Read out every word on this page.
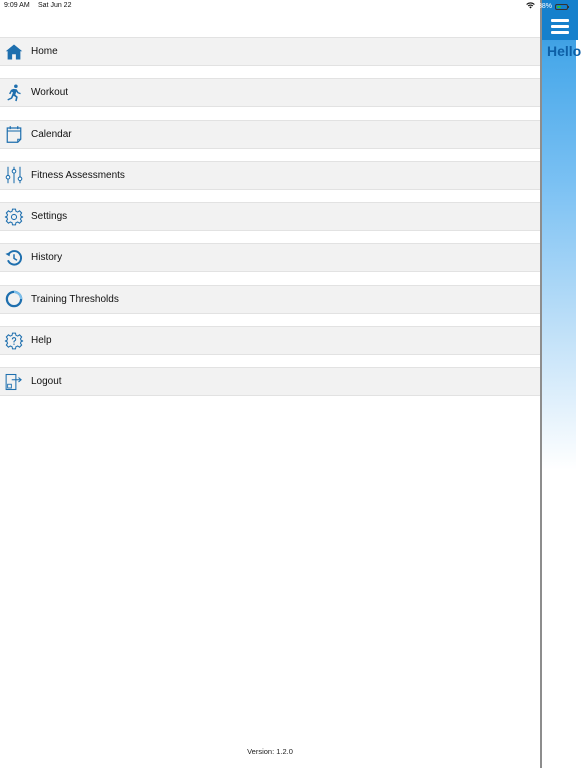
9:09 AM Sat Jun 22	38%
Hello
Home
Workout
Calendar
Fitness Assessments
Settings
History
Training Thresholds
Help
Logout
Version: 1.2.0
